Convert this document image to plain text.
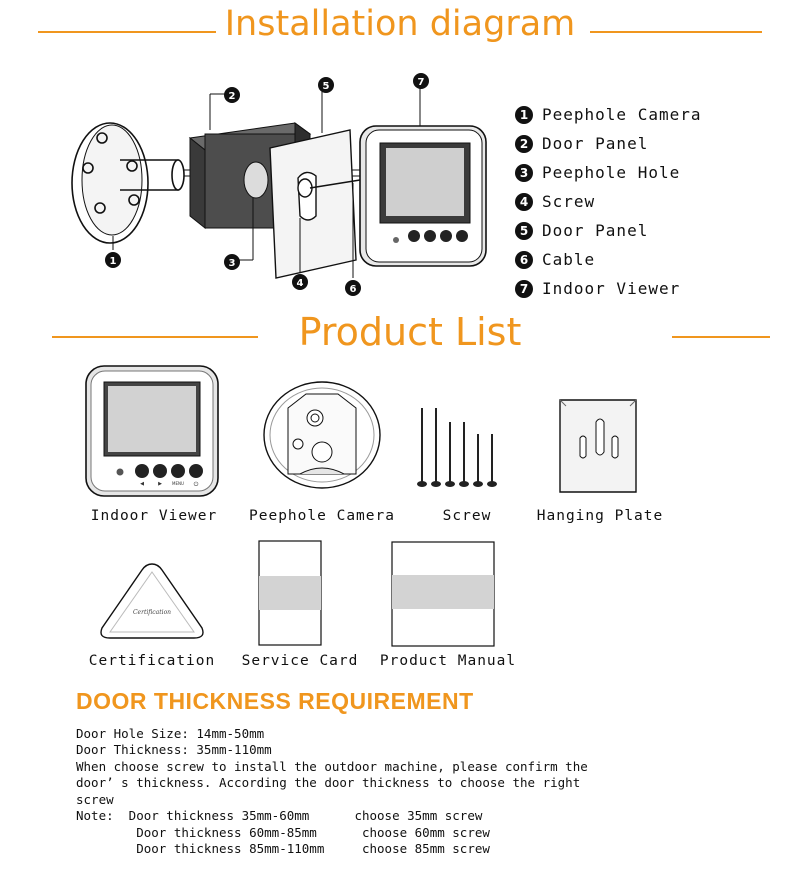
Installation diagram
1
2
3
4
5
6
7
1 Peephole Camera
2 Door Panel
3 Peephole Hole
4 Screw
5 Door Panel
6 Cable
7 Indoor Viewer
Product List
◀	▶	MENU ⏻
Certification
Indoor Viewer	Peephole Camera	Screw	Hanging Plate
Certification	Service Card	Product Manual
DOOR THICKNESS REQUIREMENT
Door Hole Size: 14mm-50mm
Door Thickness: 35mm-110mm
When choose screw to install the outdoor machine, please confirm the
door’ s thickness. According the door thickness to choose the right
screw
Note:  Door thickness 35mm-60mm      choose 35mm screw
Door thickness 60mm-85mm      choose 60mm screw
Door thickness 85mm-110mm     choose 85mm screw
